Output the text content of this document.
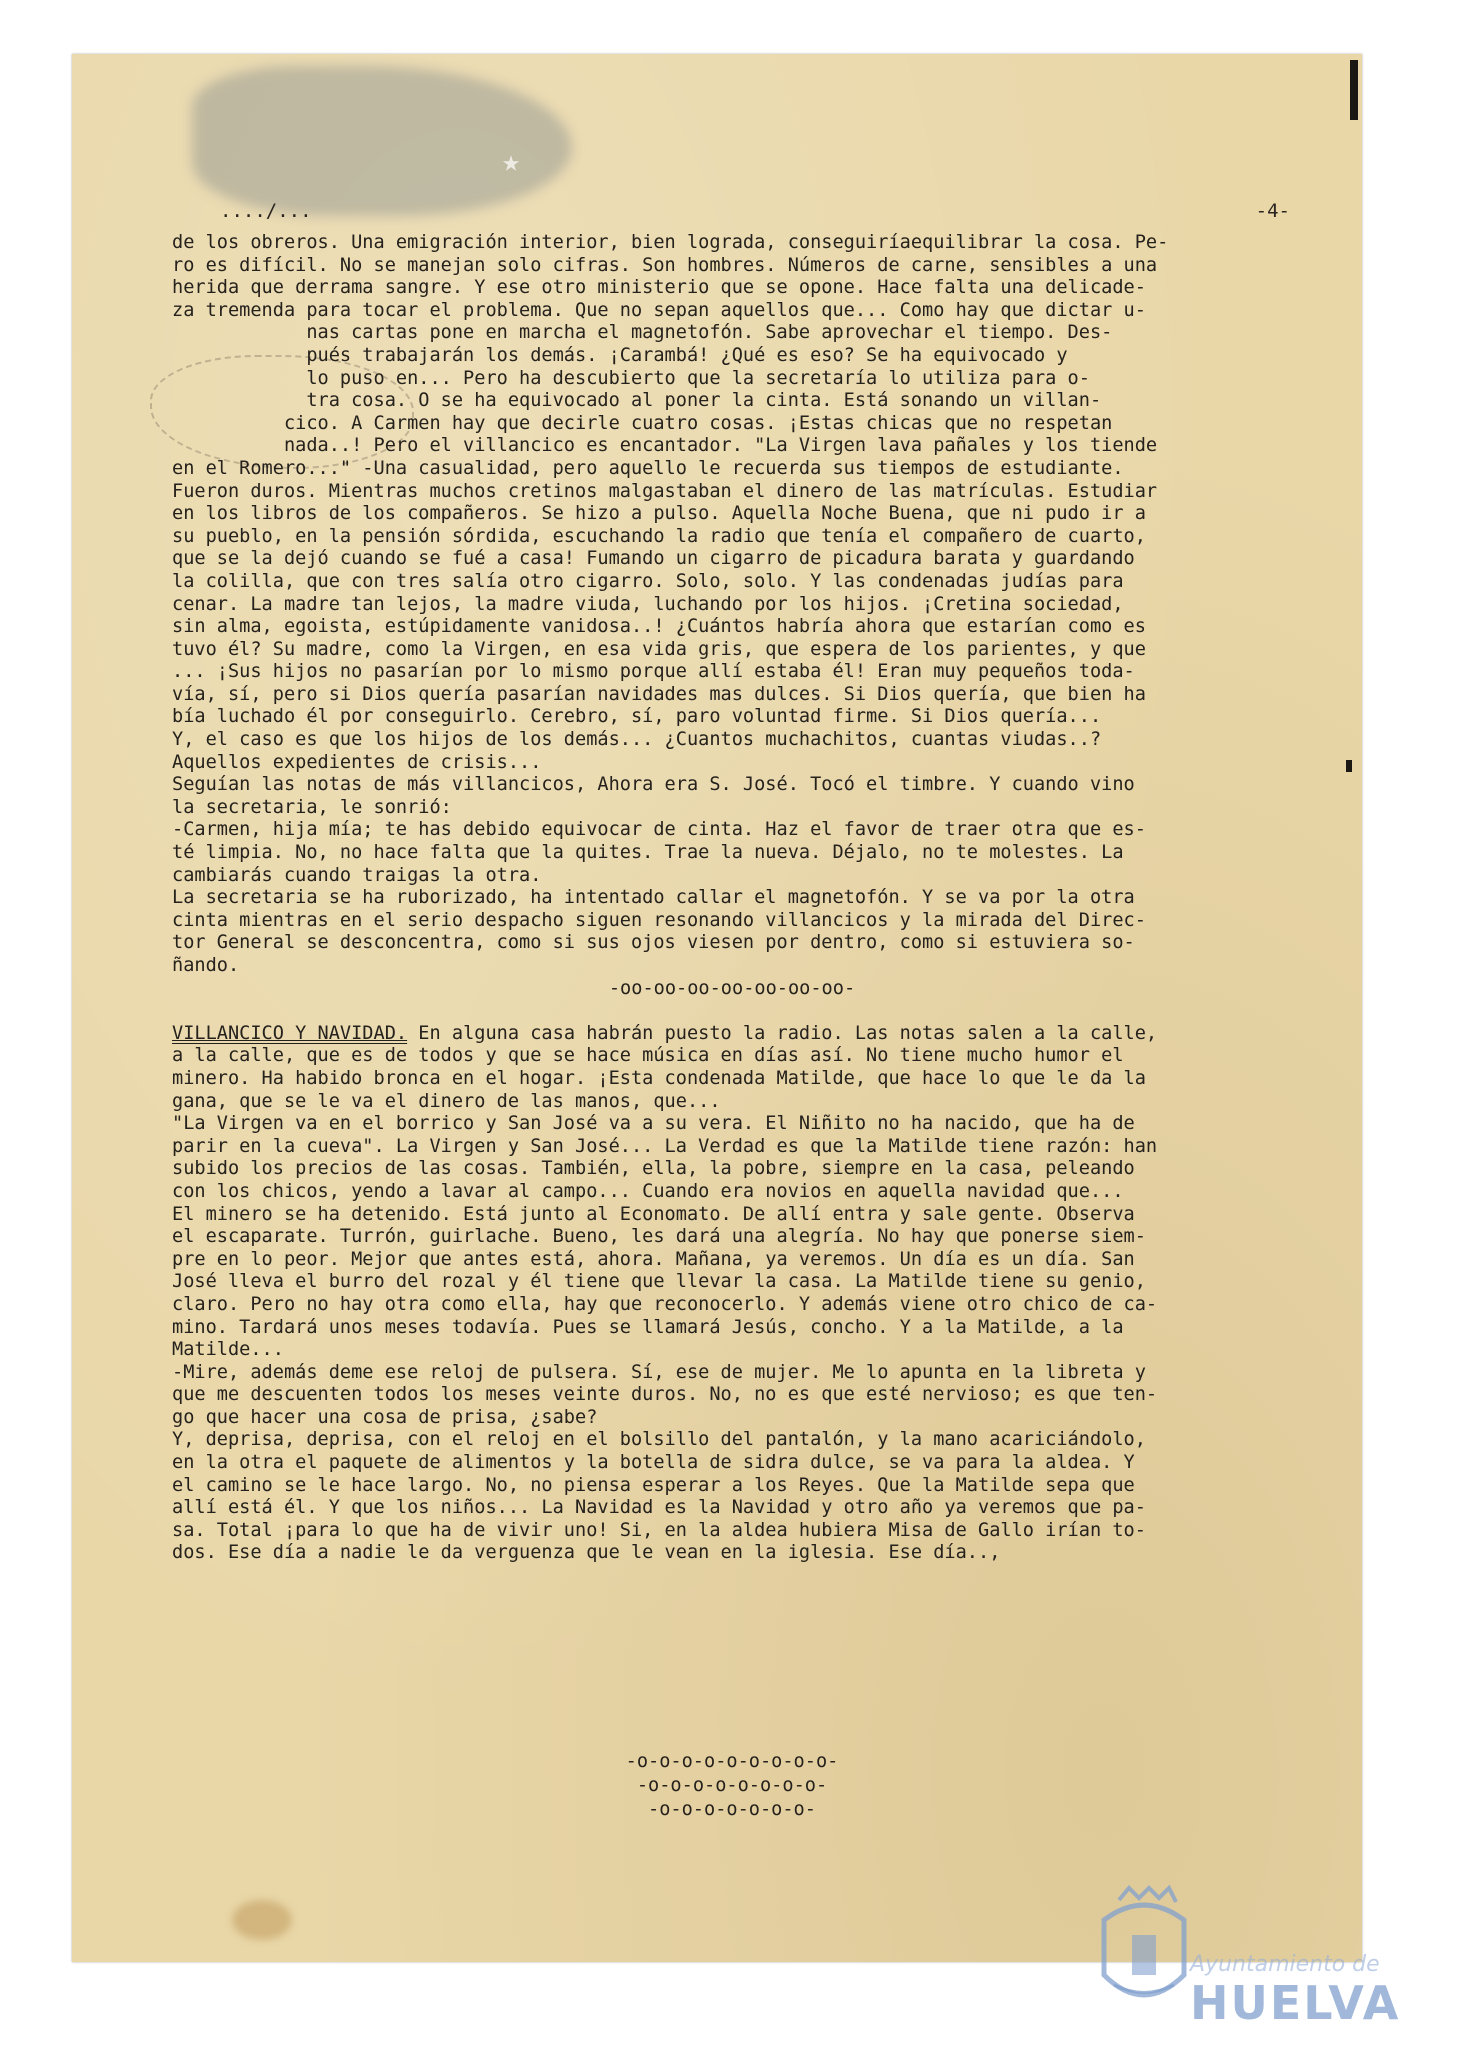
★
..../...	-4-
de los obreros. Una emigración interior, bien lograda, conseguiríaequilibrar la cosa. Pe-
ro es difícil. No se manejan solo cifras. Son hombres. Números de carne, sensibles a una
herida que derrama sangre. Y ese otro ministerio que se opone. Hace falta una delicade-
za tremenda para tocar el problema. Que no sepan aquellos que... Como hay que dictar u-
nas cartas pone en marcha el magnetofón. Sabe aprovechar el tiempo. Des-
pués trabajarán los demás. ¡Carambá! ¿Qué es eso? Se ha equivocado y
lo puso en... Pero ha descubierto que la secretaría lo utiliza para o-
tra cosa. O se ha equivocado al poner la cinta. Está sonando un villan-
cico. A Carmen hay que decirle cuatro cosas. ¡Estas chicas que no respetan
nada..! Pero el villancico es encantador. "La Virgen lava pañales y los tiende
en el Romero..." -Una casualidad, pero aquello le recuerda sus tiempos de estudiante.
Fueron duros. Mientras muchos cretinos malgastaban el dinero de las matrículas. Estudiar
en los libros de los compañeros. Se hizo a pulso. Aquella Noche Buena, que ni pudo ir a
su pueblo, en la pensión sórdida, escuchando la radio que tenía el compañero de cuarto,
que se la dejó cuando se fué a casa! Fumando un cigarro de picadura barata y guardando
la colilla, que con tres salía otro cigarro. Solo, solo. Y las condenadas judías para
cenar. La madre tan lejos, la madre viuda, luchando por los hijos. ¡Cretina sociedad,
sin alma, egoista, estúpidamente vanidosa..! ¿Cuántos habría ahora que estarían como es
tuvo él? Su madre, como la Virgen, en esa vida gris, que espera de los parientes, y que
... ¡Sus hijos no pasarían por lo mismo porque allí estaba él! Eran muy pequeños toda-
vía, sí, pero si Dios quería pasarían navidades mas dulces. Si Dios quería, que bien ha
bía luchado él por conseguirlo. Cerebro, sí, paro voluntad firme. Si Dios quería...
Y, el caso es que los hijos de los demás... ¿Cuantos muchachitos, cuantas viudas..?
Aquellos expedientes de crisis...
Seguían las notas de más villancicos, Ahora era S. José. Tocó el timbre. Y cuando vino
la secretaria, le sonrió:
-Carmen, hija mía; te has debido equivocar de cinta. Haz el favor de traer otra que es-
té limpia. No, no hace falta que la quites. Trae la nueva. Déjalo, no te molestes. La
cambiarás cuando traigas la otra.
La secretaria se ha ruborizado, ha intentado callar el magnetofón. Y se va por la otra
cinta mientras en el serio despacho siguen resonando villancicos y la mirada del Direc-
tor General se desconcentra, como si sus ojos viesen por dentro, como si estuviera so-
ñando.
-oo-oo-oo-oo-oo-oo-oo-
VILLANCICO Y NAVIDAD. En alguna casa habrán puesto la radio. Las notas salen a la calle,
a la calle, que es de todos y que se hace música en días así. No tiene mucho humor el
minero. Ha habido bronca en el hogar. ¡Esta condenada Matilde, que hace lo que le da la
gana, que se le va el dinero de las manos, que...
"La Virgen va en el borrico y San José va a su vera. El Niñito no ha nacido, que ha de
parir en la cueva". La Virgen y San José... La Verdad es que la Matilde tiene razón: han
subido los precios de las cosas. También, ella, la pobre, siempre en la casa, peleando
con los chicos, yendo a lavar al campo... Cuando era novios en aquella navidad que...
El minero se ha detenido. Está junto al Economato. De allí entra y sale gente. Observa
el escaparate. Turrón, guirlache. Bueno, les dará una alegría. No hay que ponerse siem-
pre en lo peor. Mejor que antes está, ahora. Mañana, ya veremos. Un día es un día. San
José lleva el burro del rozal y él tiene que llevar la casa. La Matilde tiene su genio,
claro. Pero no hay otra como ella, hay que reconocerlo. Y además viene otro chico de ca-
mino. Tardará unos meses todavía. Pues se llamará Jesús, concho. Y a la Matilde, a la
Matilde...
-Mire, además deme ese reloj de pulsera. Sí, ese de mujer. Me lo apunta en la libreta y
que me descuenten todos los meses veinte duros. No, no es que esté nervioso; es que ten-
go que hacer una cosa de prisa, ¿sabe?
Y, deprisa, deprisa, con el reloj en el bolsillo del pantalón, y la mano acariciándolo,
en la otra el paquete de alimentos y la botella de sidra dulce, se va para la aldea. Y
el camino se le hace largo. No, no piensa esperar a los Reyes. Que la Matilde sepa que
allí está él. Y que los niños... La Navidad es la Navidad y otro año ya veremos que pa-
sa. Total ¡para lo que ha de vivir uno! Si, en la aldea hubiera Misa de Gallo irían to-
dos. Ese día a nadie le da verguenza que le vean en la iglesia. Ese día..,
-o-o-o-o-o-o-o-o-o-
-o-o-o-o-o-o-o-o-
-o-o-o-o-o-o-o-
Ayuntamiento de
HUELVA
